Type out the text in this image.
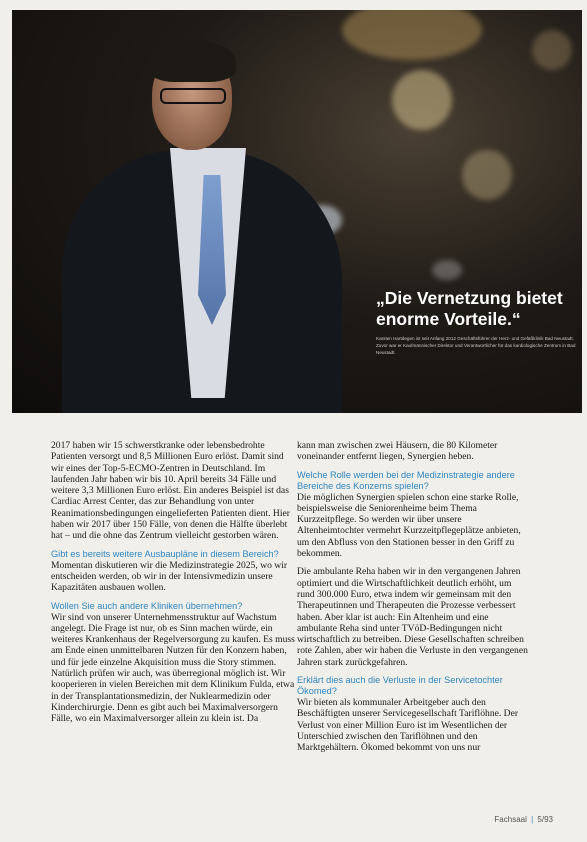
„Die Vernetzung bietet enorme Vorteile.“
Karsten Hartdegen ist seit Anfang 2012 Geschäftsführer der Herz- und Gefäßklinik Bad Neustadt. Zuvor war er Kaufmännischer Direktor und Verantwortlicher für das kardiologische Zentrum in Bad Neustadt.

2017 haben wir 15 schwerstkranke oder lebensbedrohte Patienten versorgt und 8,5 Millionen Euro erlöst. Damit sind wir eines der Top-5-ECMO-Zentren in Deutschland. Im laufenden Jahr haben wir bis 10. April bereits 34 Fälle und weitere 3,3 Millionen Euro erlöst. Ein anderes Beispiel ist das Cardiac Arrest Center, das zur Behandlung von unter Reanimationsbedingungen eingelieferten Patienten dient. Hier haben wir 2017 über 150 Fälle, von denen die Hälfte überlebt hat – und die ohne das Zentrum vielleicht gestorben wären.

Gibt es bereits weitere Ausbaupläne in diesem Bereich?

Momentan diskutieren wir die Medizinstrategie 2025, wo wir entscheiden werden, ob wir in der Intensivmedizin unsere Kapazitäten ausbauen wollen.

Wollen Sie auch andere Kliniken übernehmen?

Wir sind von unserer Unternehmensstruktur auf Wachstum angelegt. Die Frage ist nur, ob es Sinn machen würde, ein weiteres Krankenhaus der Regelversorgung zu kaufen. Es muss am Ende einen unmittelbaren Nutzen für den Konzern haben, und für jede einzelne Akquisition muss die Story stimmen. Natürlich prüfen wir auch, was überregional möglich ist. Wir kooperieren in vielen Bereichen mit dem Klinikum Fulda, etwa in der Transplantationsmedizin, der Nuklearmedizin oder Kinderchirurgie. Denn es gibt auch bei Maximalversorgern Fälle, wo ein Maximalversorger allein zu klein ist. Da

kann man zwischen zwei Häusern, die 80 Kilometer voneinander entfernt liegen, Synergien heben.

Welche Rolle werden bei der Medizinstrategie andere Bereiche des Konzerns spielen?

Die möglichen Synergien spielen schon eine starke Rolle, beispielsweise die Seniorenheime beim Thema Kurzzeitpflege. So werden wir über unsere Altenheimtochter vermehrt Kurzzeitpflegeplätze anbieten, um den Abfluss von den Stationen besser in den Griff zu bekommen.

Die ambulante Reha haben wir in den vergangenen Jahren optimiert und die Wirtschaftlichkeit deutlich erhöht, um rund 300.000 Euro, etwa indem wir gemeinsam mit den Therapeutinnen und Therapeuten die Prozesse verbessert haben. Aber klar ist auch: Ein Altenheim und eine ambulante Reha sind unter TVöD-Bedingungen nicht wirtschaftlich zu betreiben. Diese Gesellschaften schreiben rote Zahlen, aber wir haben die Verluste in den vergangenen Jahren stark zurückgefahren.

Erklärt dies auch die Verluste in der Servicetochter Ökomed?

Wir bieten als kommunaler Arbeitgeber auch den Beschäftigten unserer Servicegesellschaft Tariflöhne. Der Verlust von einer Million Euro ist im Wesentlichen der Unterschied zwischen den Tariflöhnen und den Marktgehältern. Ökomed bekommt von uns nur

Fachsaal | 5/93
